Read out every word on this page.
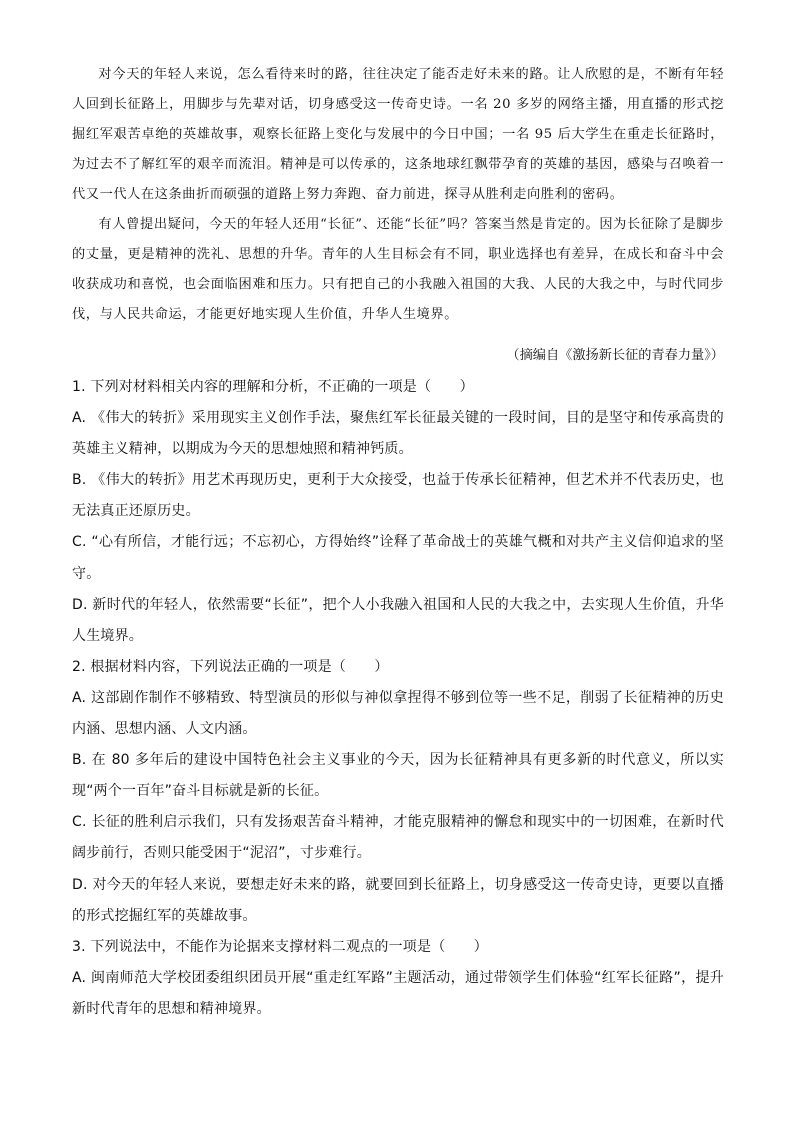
对今天的年轻人来说，怎么看待来时的路，往往决定了能否走好未来的路。让人欣慰的是，不断有年轻人回到长征路上，用脚步与先辈对话，切身感受这一传奇史诗。一名 20 多岁的网络主播，用直播的形式挖掘红军艰苦卓绝的英雄故事，观察长征路上变化与发展中的今日中国；一名 95 后大学生在重走长征路时，为过去不了解红军的艰辛而流泪。精神是可以传承的，这条地球红飘带孕育的英雄的基因，感染与召唤着一代又一代人在这条曲折而硕强的道路上努力奔跑、奋力前进，探寻从胜利走向胜利的密码。

有人曾提出疑问，今天的年轻人还用“长征”、还能“长征”吗？答案当然是肯定的。因为长征除了是脚步的丈量，更是精神的洗礼、思想的升华。青年的人生目标会有不同，职业选择也有差异，在成长和奋斗中会收获成功和喜悦，也会面临困难和压力。只有把自己的小我融入祖国的大我、人民的大我之中，与时代同步伐，与人民共命运，才能更好地实现人生价值，升华人生境界。

（摘编自《激扬新长征的青春力量》）

1. 下列对材料相关内容的理解和分析，不正确的一项是（　　）

A. 《伟大的转折》采用现实主义创作手法，聚焦红军长征最关键的一段时间，目的是坚守和传承高贵的英雄主义精神，以期成为今天的思想烛照和精神钙质。

B. 《伟大的转折》用艺术再现历史，更利于大众接受，也益于传承长征精神，但艺术并不代表历史，也无法真正还原历史。

C. “心有所信，才能行远；不忘初心，方得始终”诠释了革命战士的英雄气概和对共产主义信仰追求的坚守。

D. 新时代的年轻人，依然需要“长征”，把个人小我融入祖国和人民的大我之中，去实现人生价值，升华人生境界。

2. 根据材料内容，下列说法正确的一项是（　　）

A. 这部剧作制作不够精致、特型演员的形似与神似拿捏得不够到位等一些不足，削弱了长征精神的历史内涵、思想内涵、人文内涵。

B. 在 80 多年后的建设中国特色社会主义事业的今天，因为长征精神具有更多新的时代意义，所以实现“两个一百年”奋斗目标就是新的长征。

C. 长征的胜利启示我们，只有发扬艰苦奋斗精神，才能克服精神的懈怠和现实中的一切困难，在新时代阔步前行，否则只能受困于“泥沼”，寸步难行。

D. 对今天的年轻人来说，要想走好未来的路，就要回到长征路上，切身感受这一传奇史诗，更要以直播的形式挖掘红军的英雄故事。

3. 下列说法中，不能作为论据来支撑材料二观点的一项是（　　）

A. 闽南师范大学校团委组织团员开展“重走红军路”主题活动，通过带领学生们体验“红军长征路”，提升新时代青年的思想和精神境界。
